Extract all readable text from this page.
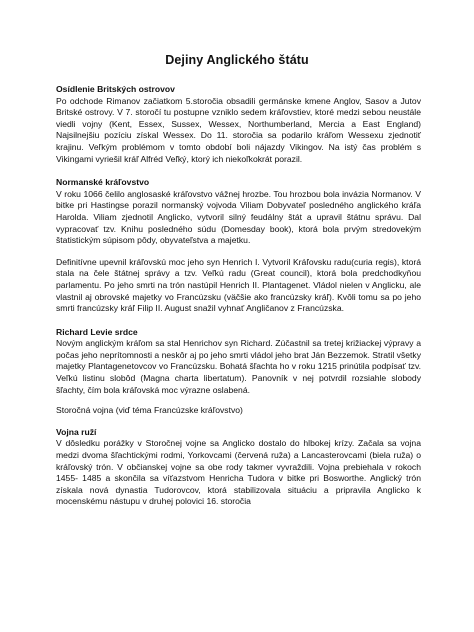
Dejiny Anglického štátu
Osídlenie Britských ostrovov

Po odchode Rimanov začiatkom 5.storočia obsadili germánske kmene Anglov, Sasov a Jutov Britské ostrovy. V 7. storočí tu postupne vzniklo sedem kráľovstiev, ktoré medzi sebou neustále viedli vojny (Kent, Essex, Sussex, Wessex, Northumberland, Mercia a East England) Najsilnejšiu pozíciu získal Wessex. Do 11. storočia sa podarilo kráľom Wessexu zjednotiť krajinu. Veľkým problémom v tomto období boli nájazdy Vikingov. Na istý čas problém s Vikingami vyriešil kráľ Alfréd Veľký, ktorý ich niekoľkokrát porazil.

Normanské kráľovstvo

V roku 1066 čelilo anglosaské kráľovstvo vážnej hrozbe. Tou hrozbou bola invázia Normanov. V bitke pri Hastingse porazil normanský vojvoda Viliam Dobyvateľ posledného anglického kráľa Harolda. Viliam zjednotil Anglicko, vytvoril silný feudálny štát a upravil štátnu správu. Dal vypracovať tzv. Knihu posledného súdu (Domesday book), ktorá bola prvým stredovekým štatistickým súpisom pôdy, obyvateľstva a majetku.

Definitívne upevnil kráľovskú moc jeho syn Henrich I. Vytvoril Kráľovsku radu(curia regis), ktorá stala na čele štátnej správy a tzv. Veľkú radu (Great council), ktorá bola predchodkyňou parlamentu. Po jeho smrti na trón nastúpil Henrich II. Plantagenet. Vládol nielen v Anglicku, ale vlastnil aj obrovské majetky vo Francúzsku (väčšie ako francúzsky kráľ). Kvôli tomu sa po jeho smrti francúzsky kráľ Filip II. August snažil vyhnať Angličanov z Francúzska.

Richard Levie srdce

Novým anglickým kráľom sa stal Henrichov syn Richard. Zúčastnil sa tretej križiackej výpravy a počas jeho neprítomnosti a neskôr aj po jeho smrti vládol jeho brat Ján Bezzemok. Stratil všetky majetky Plantagenetovcov vo Francúzsku. Bohatá šľachta ho v roku 1215 prinútila podpísať tzv. Veľkú listinu slobôd (Magna charta libertatum). Panovník v nej potvrdil rozsiahle slobody šľachty, čím bola kráľovská moc výrazne oslabená.

Storočná vojna (viď téma Francúzske kráľovstvo)

Vojna ruží

V dôsledku porážky v Storočnej vojne sa Anglicko dostalo do hlbokej krízy. Začala sa vojna medzi dvoma šľachtickými rodmi, Yorkovcami (červená ruža) a Lancasterovcami (biela ruža) o kráľovský trón. V občianskej vojne sa obe rody takmer vyvraždili. Vojna prebiehala v rokoch 1455- 1485 a skončila sa víťazstvom Henricha Tudora v bitke pri Bosworthe. Anglický trón získala nová dynastia Tudorovcov, ktorá stabilizovala situáciu a pripravila Anglicko k mocenskému nástupu v druhej polovici 16. storočia
